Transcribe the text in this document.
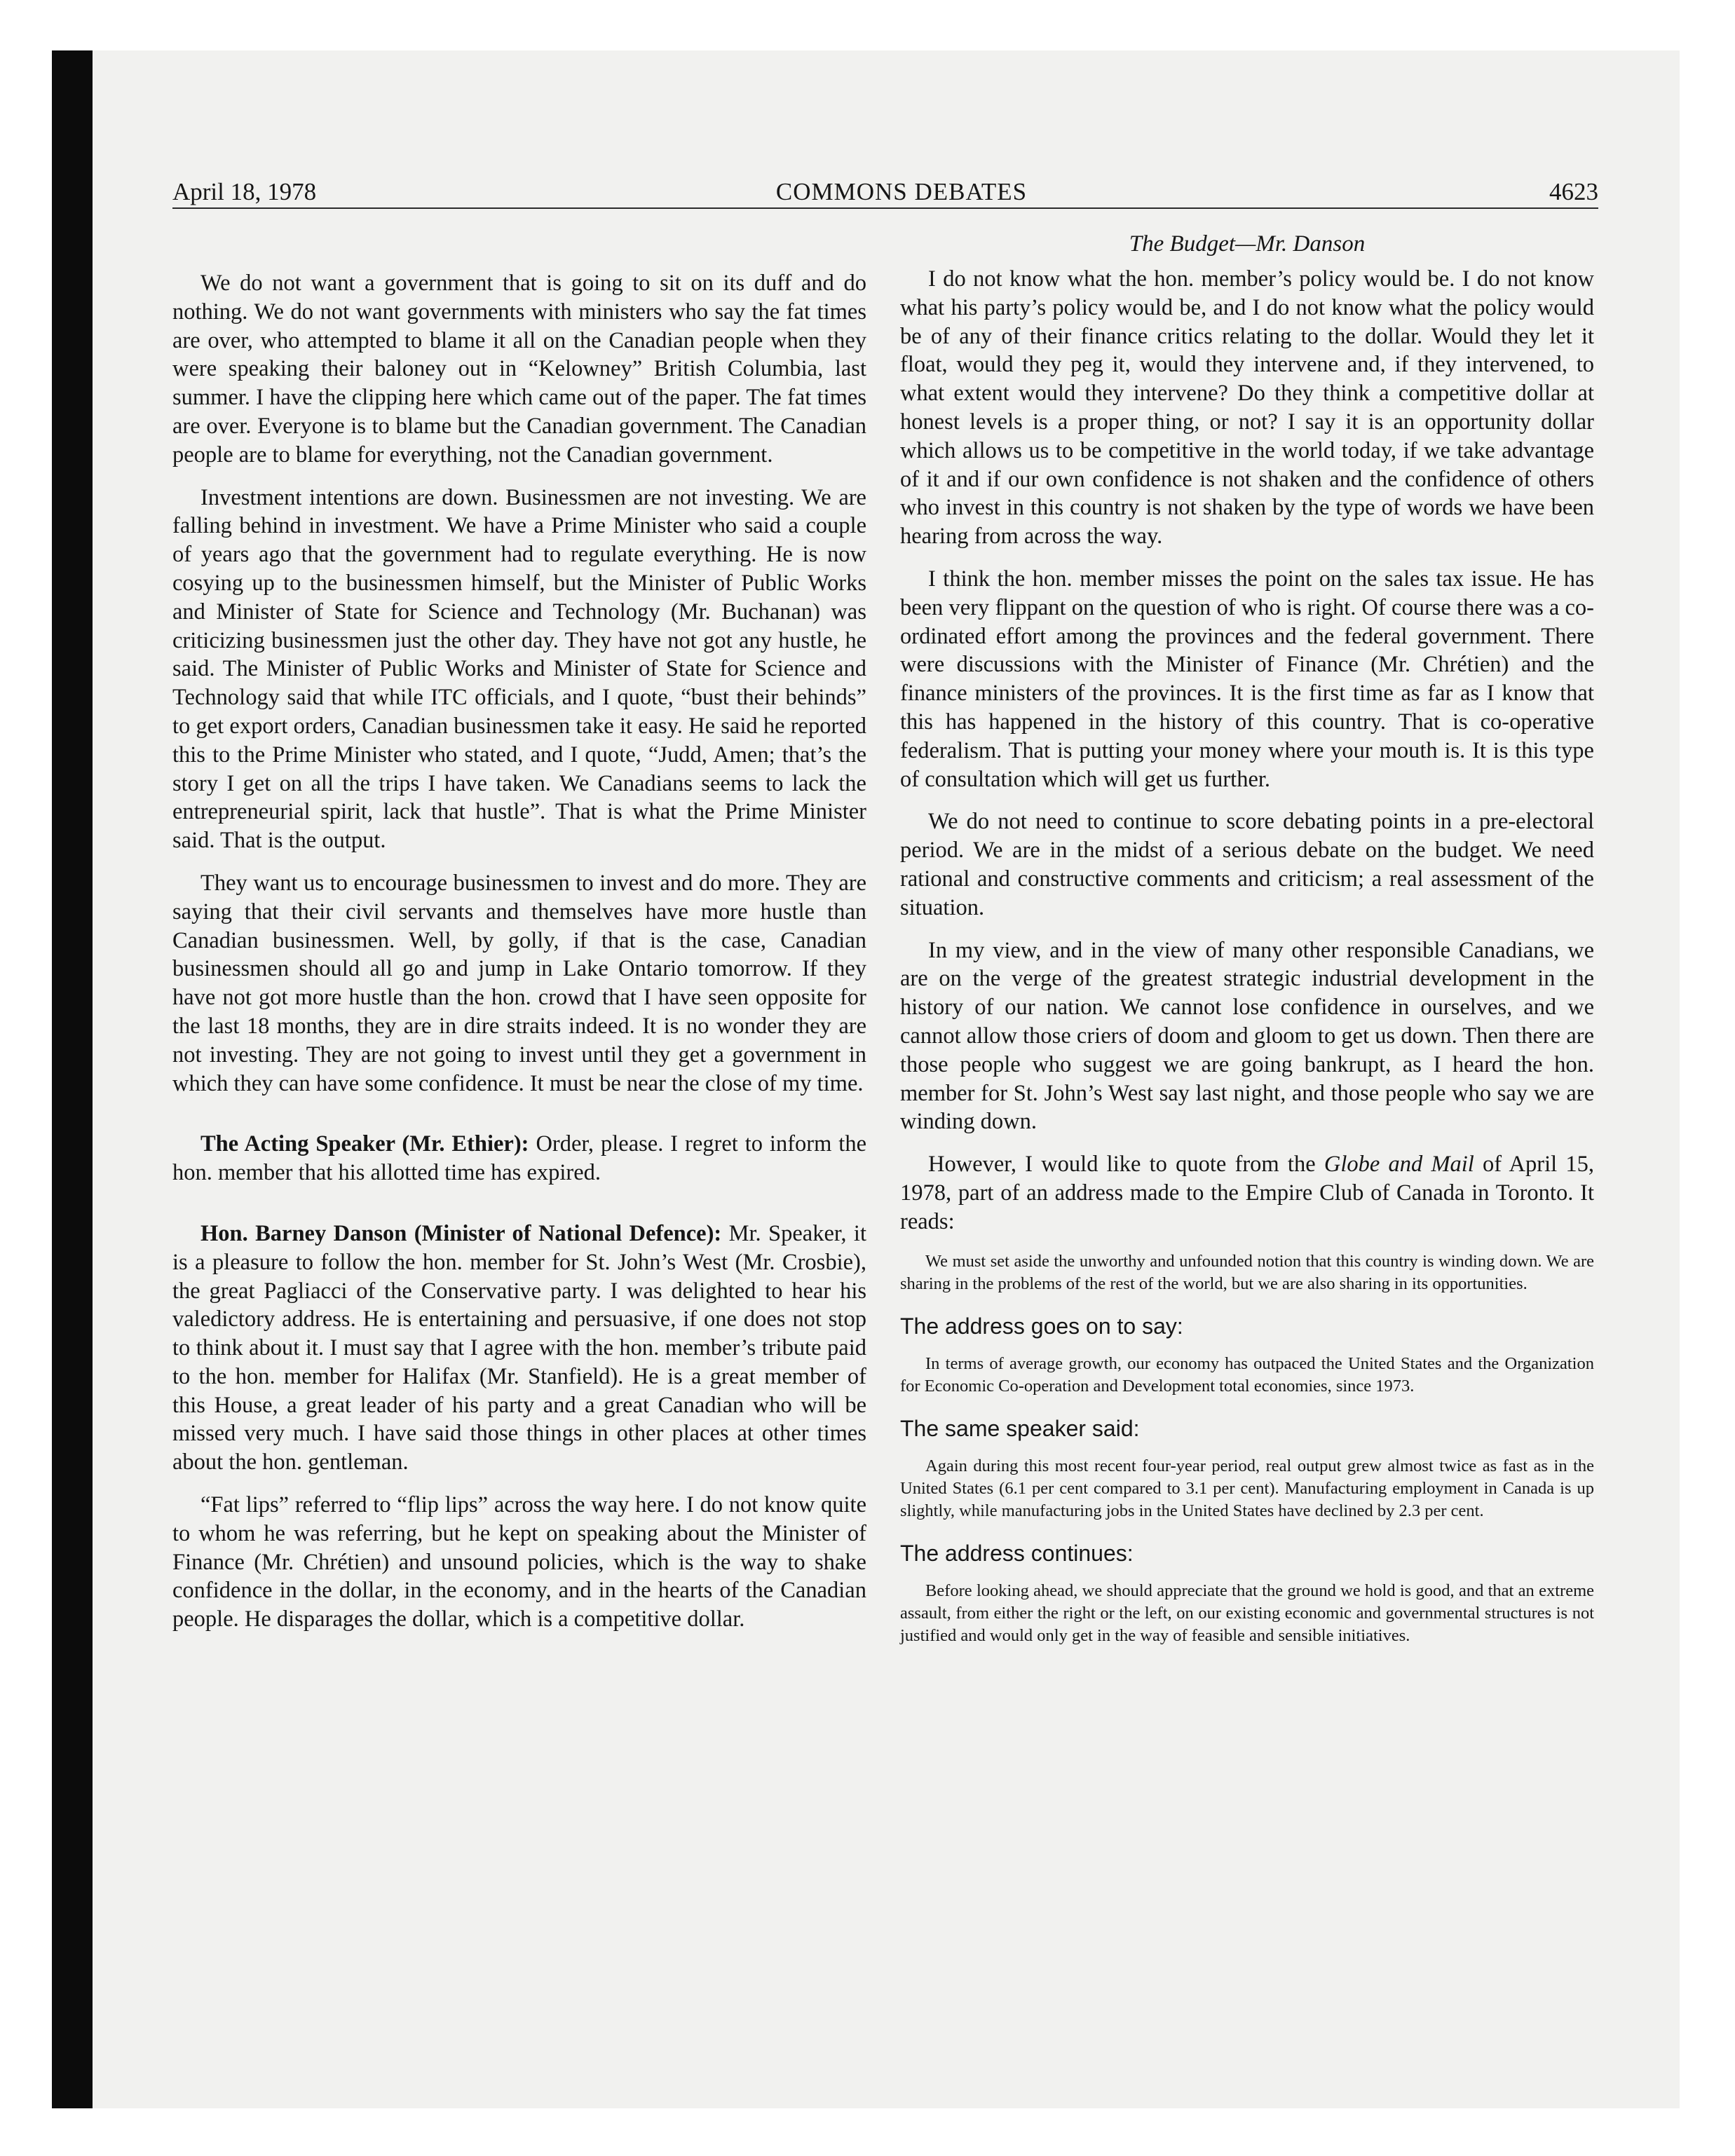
April 18, 1978	COMMONS DEBATES	4623

We do not want a government that is going to sit on its duff and do nothing. We do not want governments with ministers who say the fat times are over, who attempted to blame it all on the Canadian people when they were speaking their baloney out in “Kelowney” British Columbia, last summer. I have the clipping here which came out of the paper. The fat times are over. Everyone is to blame but the Canadian government. The Canadian people are to blame for everything, not the Canadian government.

Investment intentions are down. Businessmen are not investing. We are falling behind in investment. We have a Prime Minister who said a couple of years ago that the government had to regulate everything. He is now cosying up to the businessmen himself, but the Minister of Public Works and Minister of State for Science and Technology (Mr. Buchanan) was criticizing businessmen just the other day. They have not got any hustle, he said. The Minister of Public Works and Minister of State for Science and Technology said that while ITC officials, and I quote, “bust their behinds” to get export orders, Canadian businessmen take it easy. He said he reported this to the Prime Minister who stated, and I quote, “Judd, Amen; that’s the story I get on all the trips I have taken. We Canadians seems to lack the entrepreneurial spirit, lack that hustle”. That is what the Prime Minister said. That is the output.

They want us to encourage businessmen to invest and do more. They are saying that their civil servants and themselves have more hustle than Canadian businessmen. Well, by golly, if that is the case, Canadian businessmen should all go and jump in Lake Ontario tomorrow. If they have not got more hustle than the hon. crowd that I have seen opposite for the last 18 months, they are in dire straits indeed. It is no wonder they are not investing. They are not going to invest until they get a government in which they can have some confidence. It must be near the close of my time.

The Acting Speaker (Mr. Ethier): Order, please. I regret to inform the hon. member that his allotted time has expired.

Hon. Barney Danson (Minister of National Defence): Mr. Speaker, it is a pleasure to follow the hon. member for St. John’s West (Mr. Crosbie), the great Pagliacci of the Conservative party. I was delighted to hear his valedictory address. He is entertaining and persuasive, if one does not stop to think about it. I must say that I agree with the hon. member’s tribute paid to the hon. member for Halifax (Mr. Stanfield). He is a great member of this House, a great leader of his party and a great Canadian who will be missed very much. I have said those things in other places at other times about the hon. gentleman.

“Fat lips” referred to “flip lips” across the way here. I do not know quite to whom he was referring, but he kept on speaking about the Minister of Finance (Mr. Chrétien) and unsound policies, which is the way to shake confidence in the dollar, in the economy, and in the hearts of the Canadian people. He disparages the dollar, which is a competitive dollar.

The Budget—Mr. Danson

I do not know what the hon. member’s policy would be. I do not know what his party’s policy would be, and I do not know what the policy would be of any of their finance critics relating to the dollar. Would they let it float, would they peg it, would they intervene and, if they intervened, to what extent would they intervene? Do they think a competitive dollar at honest levels is a proper thing, or not? I say it is an opportunity dollar which allows us to be competitive in the world today, if we take advantage of it and if our own confidence is not shaken and the confidence of others who invest in this country is not shaken by the type of words we have been hearing from across the way.

I think the hon. member misses the point on the sales tax issue. He has been very flippant on the question of who is right. Of course there was a co-ordinated effort among the provinces and the federal government. There were discussions with the Minister of Finance (Mr. Chrétien) and the finance ministers of the provinces. It is the first time as far as I know that this has happened in the history of this country. That is co-operative federalism. That is putting your money where your mouth is. It is this type of consultation which will get us further.

We do not need to continue to score debating points in a pre-electoral period. We are in the midst of a serious debate on the budget. We need rational and constructive comments and criticism; a real assessment of the situation.

In my view, and in the view of many other responsible Canadians, we are on the verge of the greatest strategic industrial development in the history of our nation. We cannot lose confidence in ourselves, and we cannot allow those criers of doom and gloom to get us down. Then there are those people who suggest we are going bankrupt, as I heard the hon. member for St. John’s West say last night, and those people who say we are winding down.

However, I would like to quote from the Globe and Mail of April 15, 1978, part of an address made to the Empire Club of Canada in Toronto. It reads:

We must set aside the unworthy and unfounded notion that this country is winding down. We are sharing in the problems of the rest of the world, but we are also sharing in its opportunities.

The address goes on to say:

In terms of average growth, our economy has outpaced the United States and the Organization for Economic Co-operation and Development total economies, since 1973.

The same speaker said:

Again during this most recent four-year period, real output grew almost twice as fast as in the United States (6.1 per cent compared to 3.1 per cent). Manufacturing employment in Canada is up slightly, while manufacturing jobs in the United States have declined by 2.3 per cent.

The address continues:

Before looking ahead, we should appreciate that the ground we hold is good, and that an extreme assault, from either the right or the left, on our existing economic and governmental structures is not justified and would only get in the way of feasible and sensible initiatives.
